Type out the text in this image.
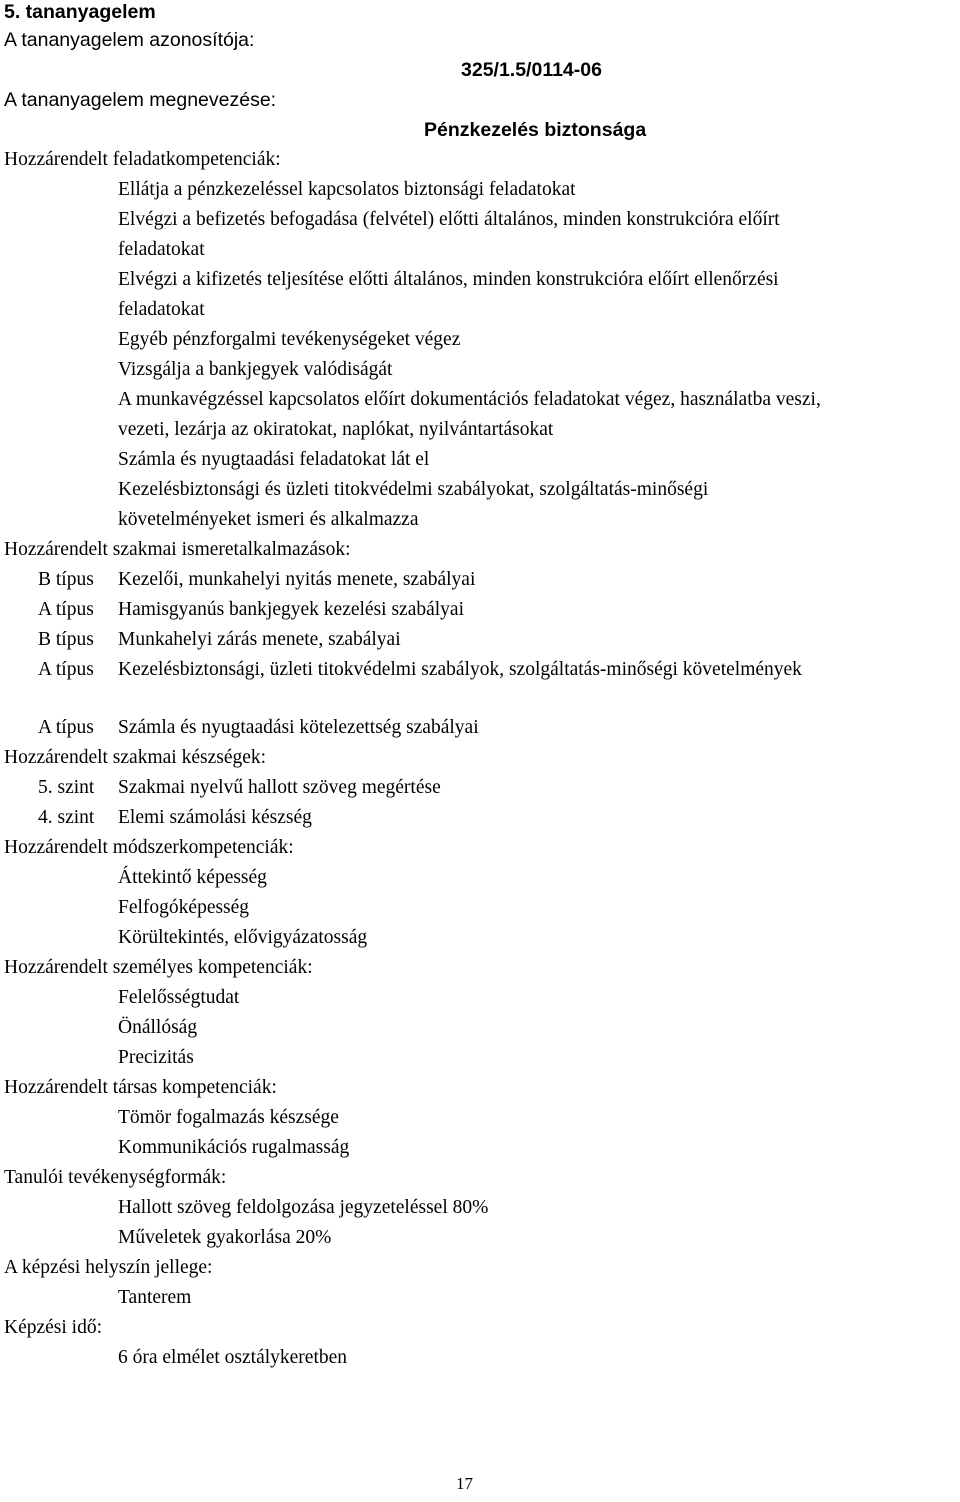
5. tananyagelem
A tananyagelem azonosítója:
325/1.5/0114-06
A tananyagelem megnevezése:
Pénzkezelés biztonsága
Hozzárendelt feladatkompetenciák:
Ellátja a pénzkezeléssel kapcsolatos biztonsági feladatokat
Elvégzi a befizetés befogadása (felvétel) előtti általános, minden konstrukcióra előírt
feladatokat
Elvégzi a kifizetés teljesítése előtti általános, minden konstrukcióra előírt ellenőrzési
feladatokat
Egyéb pénzforgalmi tevékenységeket végez
Vizsgálja a bankjegyek valódiságát
A munkavégzéssel kapcsolatos előírt dokumentációs feladatokat végez, használatba veszi,
vezeti, lezárja az okiratokat, naplókat, nyilvántartásokat
Számla és nyugtaadási feladatokat lát el
Kezelésbiztonsági és üzleti titokvédelmi szabályokat, szolgáltatás-minőségi
követelményeket ismeri és alkalmazza
Hozzárendelt szakmai ismeretalkalmazások:
B típus Kezelői, munkahelyi nyitás menete, szabályai
A típus Hamisgyanús bankjegyek kezelési szabályai
B típus Munkahelyi zárás menete, szabályai
A típus Kezelésbiztonsági, üzleti titokvédelmi szabályok, szolgáltatás-minőségi követelmények
A típus Számla és nyugtaadási kötelezettség szabályai
Hozzárendelt szakmai készségek:
5. szint Szakmai nyelvű hallott szöveg megértése
4. szint Elemi számolási készség
Hozzárendelt módszerkompetenciák:
Áttekintő képesség
Felfogóképesség
Körültekintés, elővigyázatosság
Hozzárendelt személyes kompetenciák:
Felelősségtudat
Önállóság
Precizitás
Hozzárendelt társas kompetenciák:
Tömör fogalmazás készsége
Kommunikációs rugalmasság
Tanulói tevékenységformák:
Hallott szöveg feldolgozása jegyzeteléssel 80%
Műveletek gyakorlása 20%
A képzési helyszín jellege:
Tanterem
Képzési idő:
6 óra elmélet osztálykeretben
17
